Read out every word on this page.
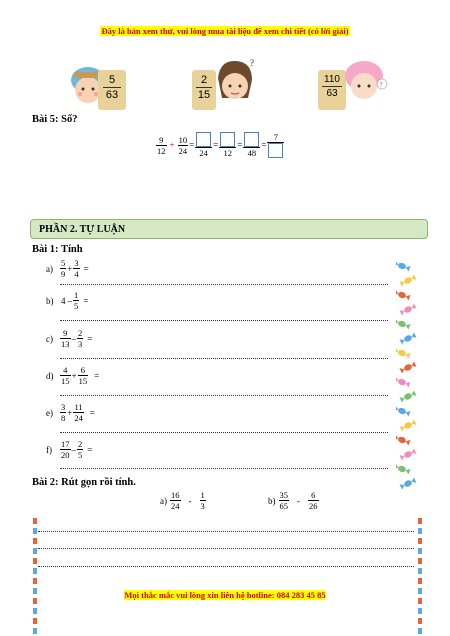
Đây là bản xem thử, vui lòng mua tài liệu để xem chi tiết (có lời giải)
5
63
2
15
?
110
63
?
Bài 5: Số?
$\frac{9}{12} + \frac{10}{24}$ =
24
=
12
=
48
=
7
PHẦN 2. TỰ LUẬN
Bài 1: Tính
$a) \frac{5}{9} + \frac{3}{4}$ =
b) $4 - \frac{1}{5}$ =
$c) \frac{9}{13} - \frac{2}{3}$ =
$d) \frac{4}{15} + \frac{6}{15}$ =
$e) \frac{3}{8} + \frac{11}{24}$ =
$f) \frac{17}{20} - \frac{2}{5}$ =
Bài 2: Rút gọn rồi tính.
$a) \frac{16}{24} - \frac{1}{3}$	$b) \frac{35}{65} - \frac{6}{26}$
Mọi thắc mắc vui lòng xin liên hệ hotline: 084 283 45 85
